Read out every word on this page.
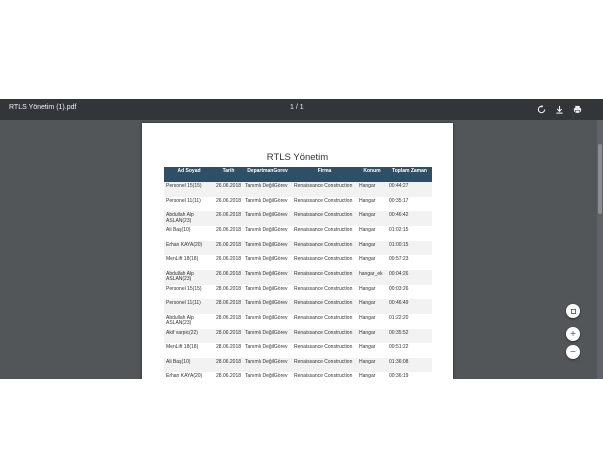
RTLS Yönetim (1).pdf	1 / 1
RTLS Yönetim
Ad Soyad	Tarih	DepartmanGorev	Firma	Konum	Toplam Zaman
Personel 15(15)	26.06.2018	Tanımlı DeğilGörev	Renaissance Construction	Hangar	00:44:27
Personel 11(11)	26.06.2018	Tanımlı DeğilGörev	Renaissance Construction	Hangar	00:35:17
Abdullah Alp ASLAN(23)	26.06.2018	Tanımlı DeğilGörev	Renaissance Construction	Hangar	00:46:42
Ali Baş(10)	26.06.2018	Tanımlı DeğilGörev	Renaissance Construction	Hangar	01:02:15
Erhan KAYA(20)	26.06.2018	Tanımlı DeğilGörev	Renaissance Construction	Hangar	01:00:15
MenLift 18(18)	26.06.2018	Tanımlı DeğilGörev	Renaissance Construction	Hangar	00:57:23
Abdullah Alp ASLAN(23)	26.06.2018	Tanımlı DeğilGörev	Renaissance Construction	hangar_ek	00:04:26
Personel 15(15)	28.06.2018	Tanımlı DeğilGörev	Renaissance Construction	Hangar	00:03:26
Personel 11(11)	28.06.2018	Tanımlı DeğilGörev	Renaissance Construction	Hangar	00:46:49
Abdullah Alp ASLAN(23)	28.06.2018	Tanımlı DeğilGörev	Renaissance Construction	Hangar	01:22:20
Akif varpic(22)	28.06.2018	Tanımlı DeğilGörev	Renaissance Construction	Hangar	00:35:52
MenLift 18(18)	28.06.2018	Tanımlı DeğilGörev	Renaissance Construction	Hangar	00:51:22
Ali Baş(10)	28.06.2018	Tanımlı DeğilGörev	Renaissance Construction	Hangar	01:36:08
Erhan KAYA(20)	28.06.2018	Tanımlı DeğilGörev	Renaissance Construction	Hangar	00:36:19
+
−
